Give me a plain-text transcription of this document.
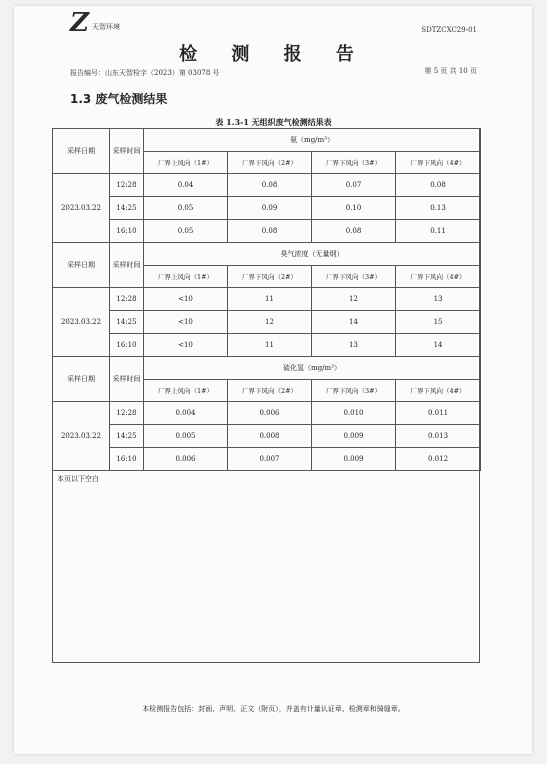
Z 天智环境	SDTZCXC29-01
检 测 报 告
报告编号：山东天智检字（2023）第 03078 号	第 5 页 共 10 页
1.3 废气检测结果
表 1.3-1 无组织废气检测结果表
采样日期	采样时间	氨（mg/m³）			
		厂界上风向（1#）	厂界下风向（2#）	厂界下风向（3#）	厂界下风向（4#）
2023.03.22	12:28	0.04	0.08	0.07	0.08
	14:25	0.05	0.09	0.10	0.13
	16:10	0.05	0.08	0.08	0.11
采样日期	采样时间	臭气浓度（无量纲）			
		厂界上风向（1#）	厂界下风向（2#）	厂界下风向（3#）	厂界下风向（4#）
2023.03.22	12:28	<10	11	12	13
	14:25	<10	12	14	15
	16:10	<10	11	13	14
采样日期	采样时间	硫化氢（mg/m³）			
		厂界上风向（1#）	厂界下风向（2#）	厂界下风向（3#）	厂界下风向（4#）
2023.03.22	12:28	0.004	0.006	0.010	0.011
	14:25	0.005	0.008	0.009	0.013
	16:10	0.006	0.007	0.009	0.012
本页以下空白
本检测报告包括：封面、声明、正文（附页），并盖有计量认证章、检测章和骑缝章。
